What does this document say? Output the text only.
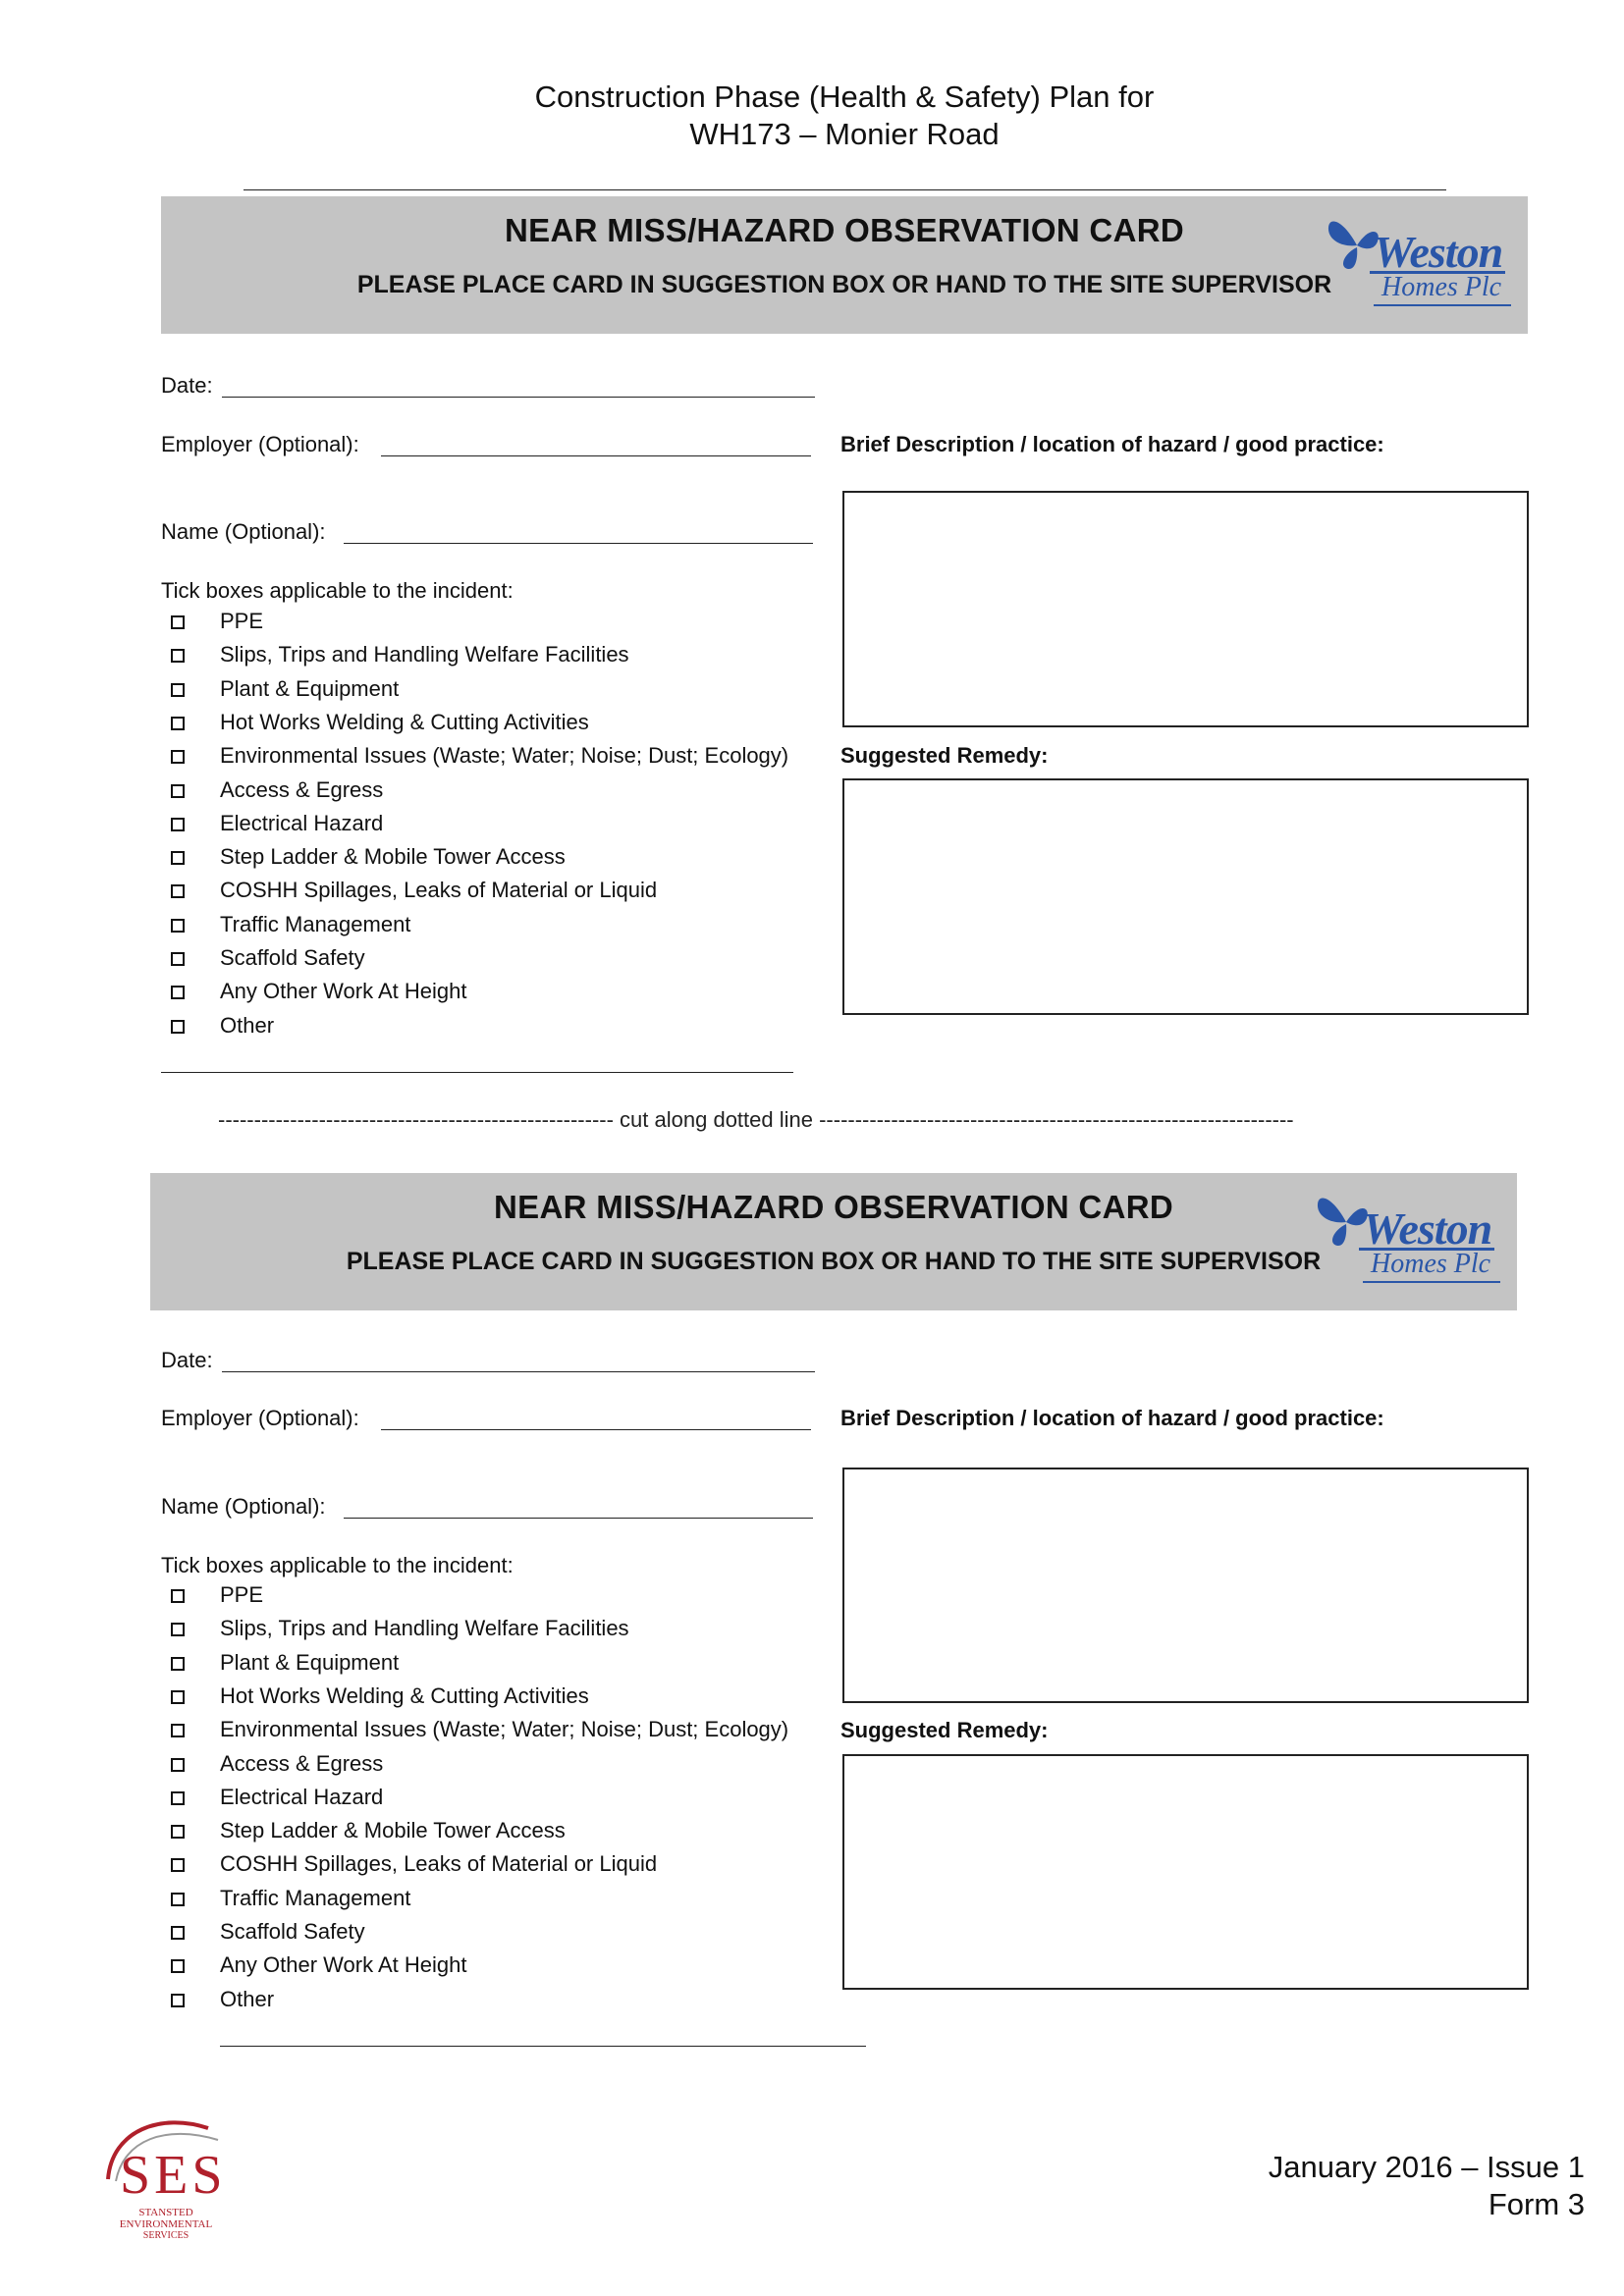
Construction Phase (Health & Safety) Plan for
WH173 – Monier Road
NEAR MISS/HAZARD OBSERVATION CARD
PLEASE PLACE CARD IN SUGGESTION BOX OR HAND TO THE SITE SUPERVISOR
Weston
Homes Plc
Date:
Employer (Optional):	Brief Description / location of hazard / good practice:
Name (Optional):
Tick boxes applicable to the incident:
Suggested Remedy:
PPE
Slips, Trips and Handling Welfare Facilities
Plant & Equipment
Hot Works Welding & Cutting Activities
Environmental Issues (Waste; Water; Noise; Dust; Ecology)
Access & Egress
Electrical Hazard
Step Ladder & Mobile Tower Access
COSHH Spillages, Leaks of Material or Liquid
Traffic Management
Scaffold Safety
Any Other Work At Height
Other
------------------------------------------------------- cut along dotted line ------------------------------------------------------------------
NEAR MISS/HAZARD OBSERVATION CARD
PLEASE PLACE CARD IN SUGGESTION BOX OR HAND TO THE SITE SUPERVISOR
Weston
Homes Plc
Date:
Employer (Optional):	Brief Description / location of hazard / good practice:
Name (Optional):
Tick boxes applicable to the incident:
Suggested Remedy:
PPE
Slips, Trips and Handling Welfare Facilities
Plant & Equipment
Hot Works Welding & Cutting Activities
Environmental Issues (Waste; Water; Noise; Dust; Ecology)
Access & Egress
Electrical Hazard
Step Ladder & Mobile Tower Access
COSHH Spillages, Leaks of Material or Liquid
Traffic Management
Scaffold Safety
Any Other Work At Height
Other
SES
STANSTED
ENVIRONMENTAL
SERVICES
January 2016 – Issue 1
Form 3
